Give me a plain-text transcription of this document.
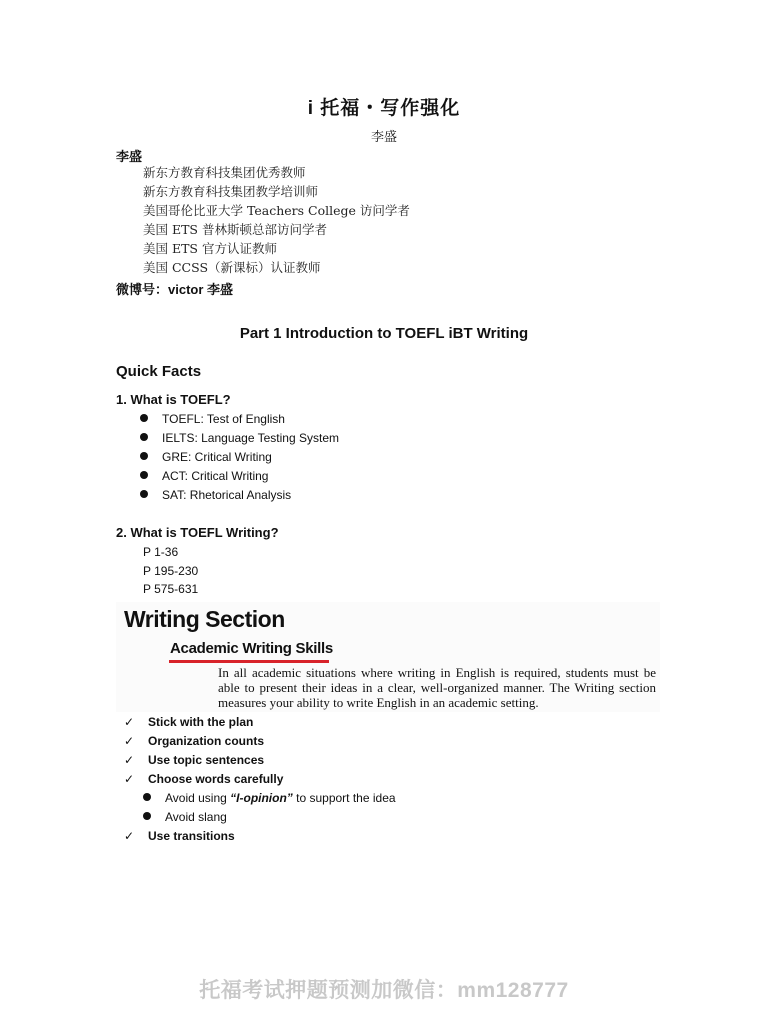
i 托福・写作强化
李盛
李盛
新东方教育科技集团优秀教师
新东方教育科技集团教学培训师
美国哥伦比亚大学 Teachers College 访问学者
美国 ETS 普林斯顿总部访问学者
美国 ETS 官方认证教师
美国 CCSS（新课标）认证教师
微博号：victor 李盛
Part 1 Introduction to TOEFL iBT Writing
Quick Facts
1. What is TOEFL?
TOEFL: Test of English
IELTS: Language Testing System
GRE: Critical Writing
ACT: Critical Writing
SAT: Rhetorical Analysis
2. What is TOEFL Writing?
P 1-36
P 195-230
P 575-631
Writing Section
Academic Writing Skills
In all academic situations where writing in English is required, students must be able to present their ideas in a clear, well-organized manner. The Writing section measures your ability to write English in an academic setting.
✓ Stick with the plan
✓ Organization counts
✓ Use topic sentences
✓ Choose words carefully
Avoid using “I-opinion” to support the idea
Avoid slang
✓ Use transitions
托福考试押题预测加微信：mm128777
